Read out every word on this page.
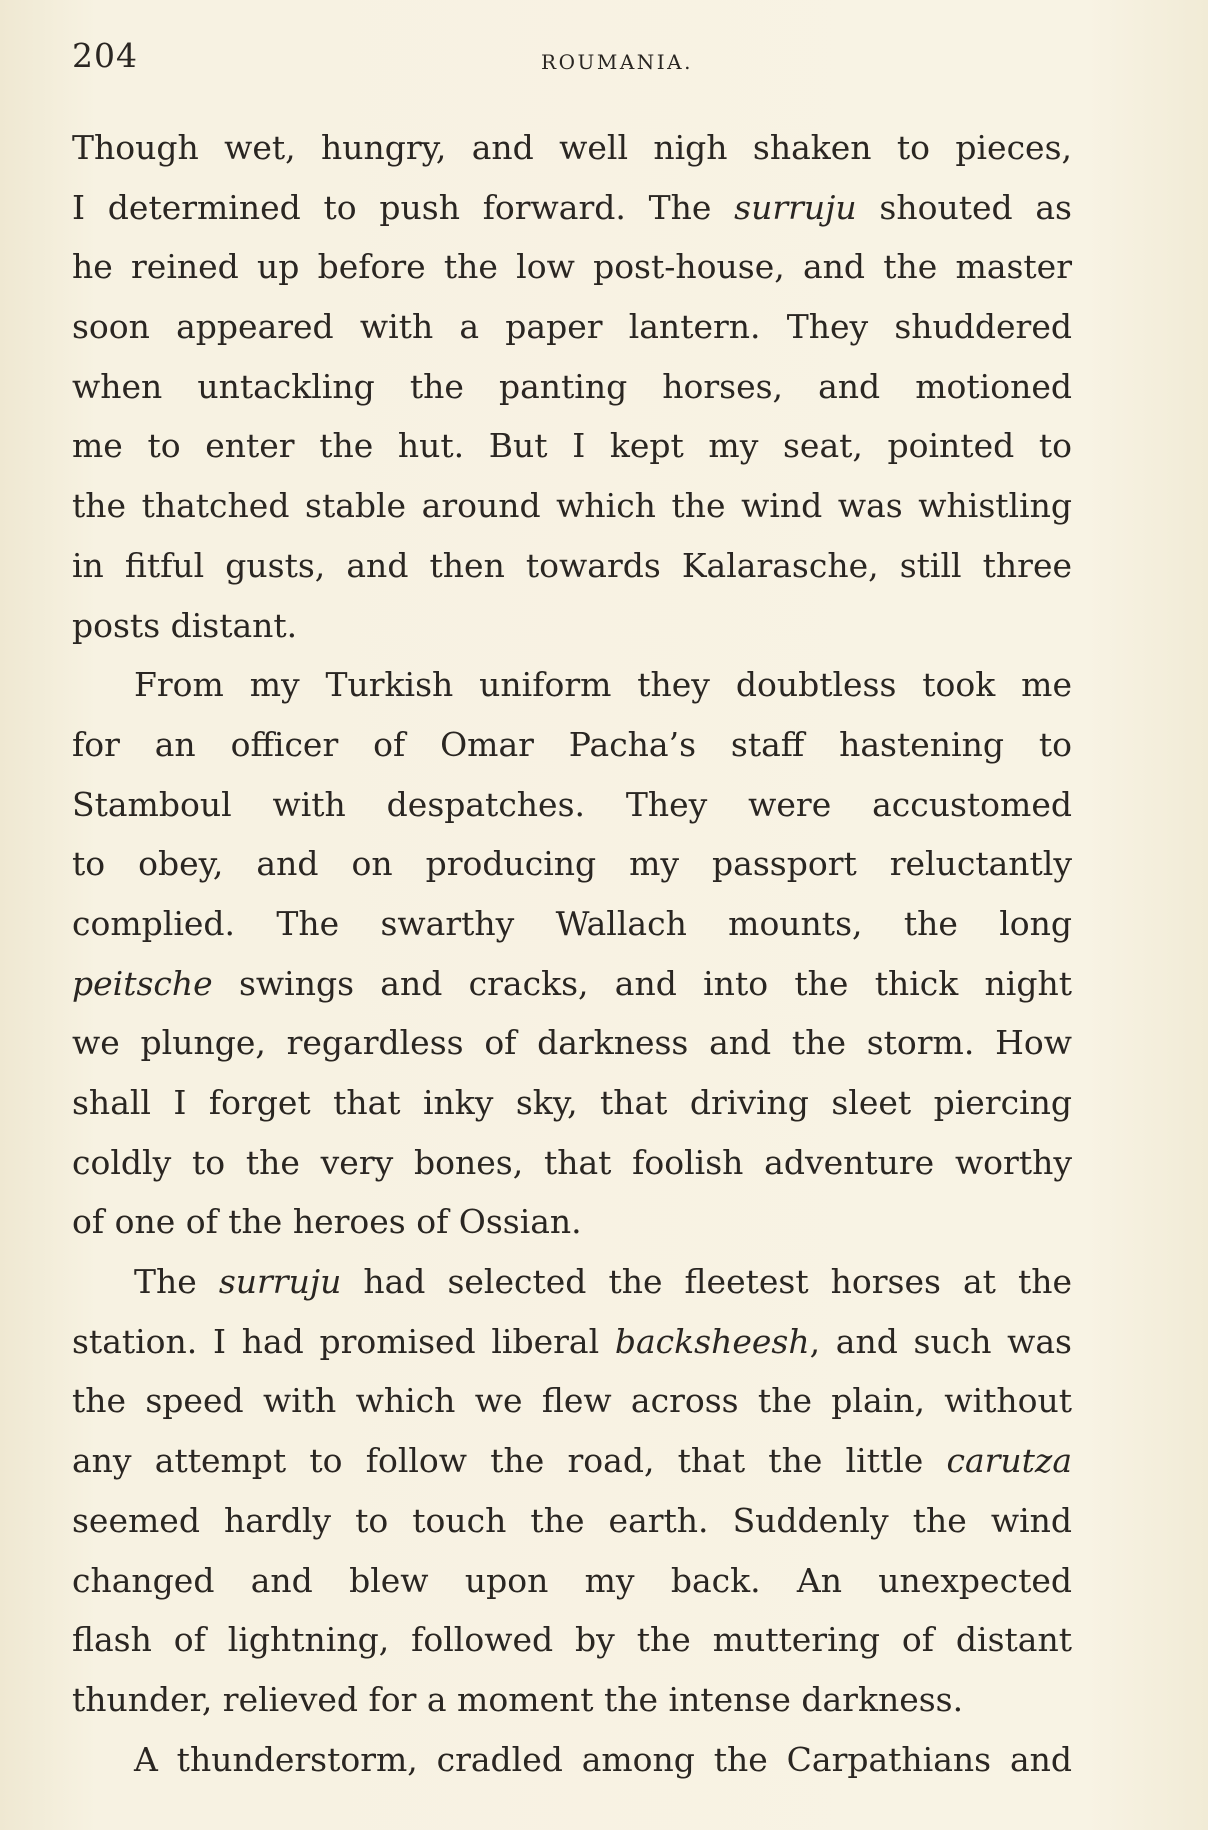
204	ROUMANIA.
Though wet, hungry, and well nigh shaken to pieces,
I determined to push forward. The surruju shouted as
he reined up before the low post-house, and the master
soon appeared with a paper lantern. They shuddered
when untackling the panting horses, and motioned
me to enter the hut. But I kept my seat, pointed to
the thatched stable around which the wind was whistling
in fitful gusts, and then towards Kalarasche, still three
posts distant.
From my Turkish uniform they doubtless took me
for an officer of Omar Pacha’s staff hastening to
Stamboul with despatches. They were accustomed
to obey, and on producing my passport reluctantly
complied. The swarthy Wallach mounts, the long
peitsche swings and cracks, and into the thick night
we plunge, regardless of darkness and the storm. How
shall I forget that inky sky, that driving sleet piercing
coldly to the very bones, that foolish adventure worthy
of one of the heroes of Ossian.
The surruju had selected the fleetest horses at the
station. I had promised liberal backsheesh, and such was
the speed with which we flew across the plain, without
any attempt to follow the road, that the little carutza
seemed hardly to touch the earth. Suddenly the wind
changed and blew upon my back. An unexpected
flash of lightning, followed by the muttering of distant
thunder, relieved for a moment the intense darkness.
A thunderstorm, cradled among the Carpathians and
